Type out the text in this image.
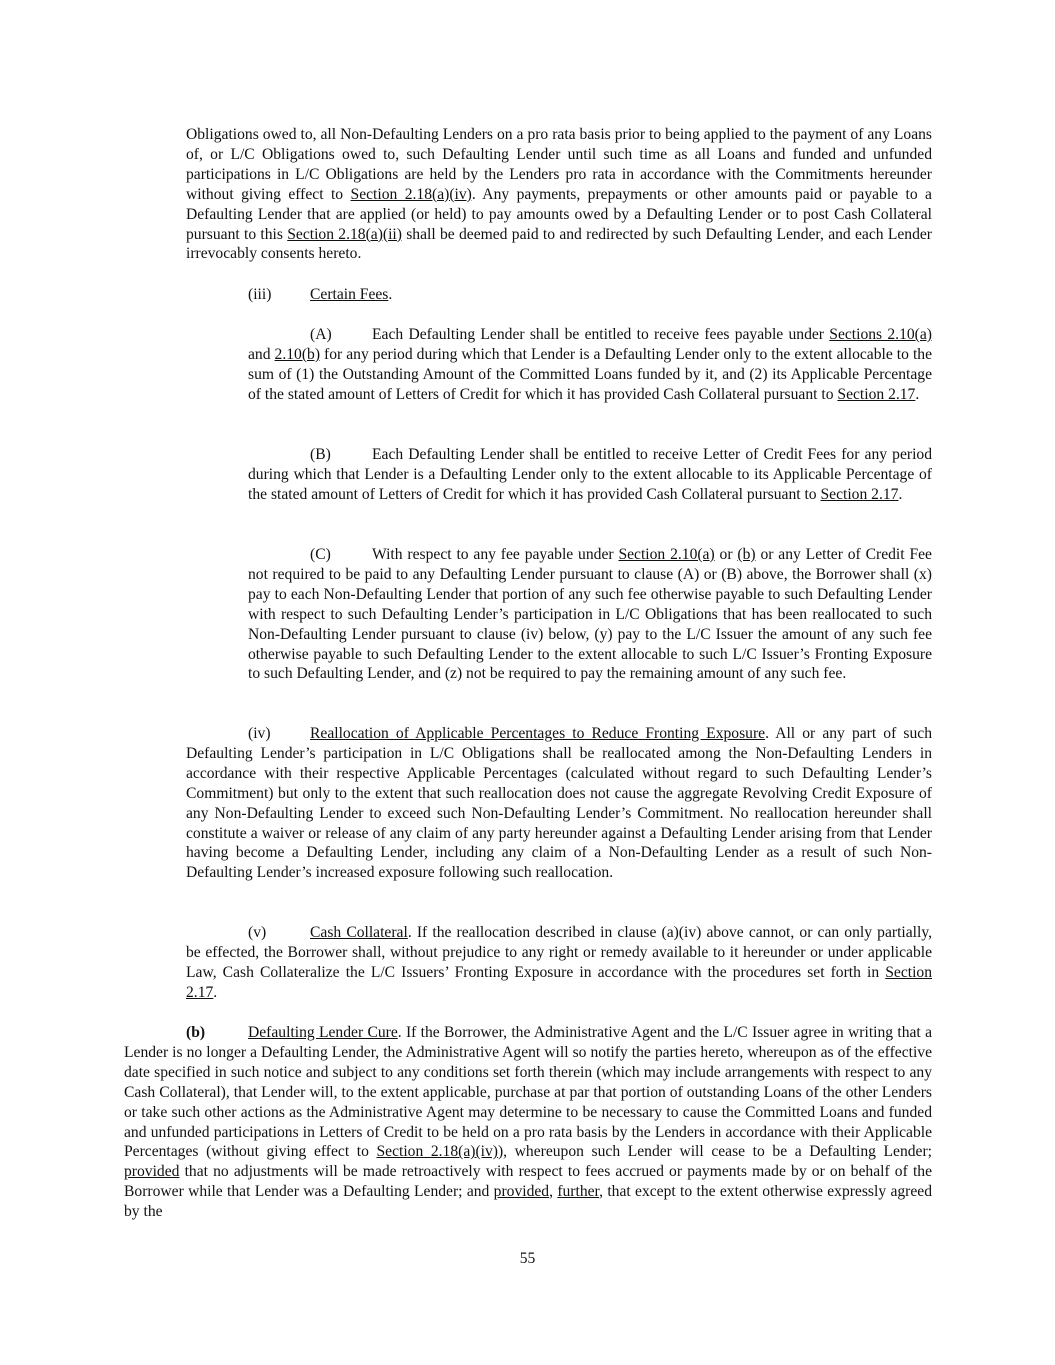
Obligations owed to, all Non-Defaulting Lenders on a pro rata basis prior to being applied to the payment of any Loans of, or L/C Obligations owed to, such Defaulting Lender until such time as all Loans and funded and unfunded participations in L/C Obligations are held by the Lenders pro rata in accordance with the Commitments hereunder without giving effect to Section 2.18(a)(iv). Any payments, prepayments or other amounts paid or payable to a Defaulting Lender that are applied (or held) to pay amounts owed by a Defaulting Lender or to post Cash Collateral pursuant to this Section 2.18(a)(ii) shall be deemed paid to and redirected by such Defaulting Lender, and each Lender irrevocably consents hereto.

(iii) Certain Fees.

(A)	Each Defaulting Lender shall be entitled to receive fees payable under Sections 2.10(a) and 2.10(b) for any period during which that Lender is a Defaulting Lender only to the extent allocable to the sum of (1) the Outstanding Amount of the Committed Loans funded by it, and (2) its Applicable Percentage of the stated amount of Letters of Credit for which it has provided Cash Collateral pursuant to Section 2.17.

(B)	Each Defaulting Lender shall be entitled to receive Letter of Credit Fees for any period during which that Lender is a Defaulting Lender only to the extent allocable to its Applicable Percentage of the stated amount of Letters of Credit for which it has provided Cash Collateral pursuant to Section 2.17.

(C)	With respect to any fee payable under Section 2.10(a) or (b) or any Letter of Credit Fee not required to be paid to any Defaulting Lender pursuant to clause (A) or (B) above, the Borrower shall (x) pay to each Non-Defaulting Lender that portion of any such fee otherwise payable to such Defaulting Lender with respect to such Defaulting Lender’s participation in L/C Obligations that has been reallocated to such Non-Defaulting Lender pursuant to clause (iv) below, (y) pay to the L/C Issuer the amount of any such fee otherwise payable to such Defaulting Lender to the extent allocable to such L/C Issuer’s Fronting Exposure to such Defaulting Lender, and (z) not be required to pay the remaining amount of any such fee.

(iv)	Reallocation of Applicable Percentages to Reduce Fronting Exposure. All or any part of such Defaulting Lender’s participation in L/C Obligations shall be reallocated among the Non-Defaulting Lenders in accordance with their respective Applicable Percentages (calculated without regard to such Defaulting Lender’s Commitment) but only to the extent that such reallocation does not cause the aggregate Revolving Credit Exposure of any Non-Defaulting Lender to exceed such Non-Defaulting Lender’s Commitment. No reallocation hereunder shall constitute a waiver or release of any claim of any party hereunder against a Defaulting Lender arising from that Lender having become a Defaulting Lender, including any claim of a Non-Defaulting Lender as a result of such Non-Defaulting Lender’s increased exposure following such reallocation.

(v)	Cash Collateral. If the reallocation described in clause (a)(iv) above cannot, or can only partially, be effected, the Borrower shall, without prejudice to any right or remedy available to it hereunder or under applicable Law, Cash Collateralize the L/C Issuers’ Fronting Exposure in accordance with the procedures set forth in Section 2.17.

(b)	Defaulting Lender Cure. If the Borrower, the Administrative Agent and the L/C Issuer agree in writing that a Lender is no longer a Defaulting Lender, the Administrative Agent will so notify the parties hereto, whereupon as of the effective date specified in such notice and subject to any conditions set forth therein (which may include arrangements with respect to any Cash Collateral), that Lender will, to the extent applicable, purchase at par that portion of outstanding Loans of the other Lenders or take such other actions as the Administrative Agent may determine to be necessary to cause the Committed Loans and funded and unfunded participations in Letters of Credit to be held on a pro rata basis by the Lenders in accordance with their Applicable Percentages (without giving effect to Section 2.18(a)(iv)), whereupon such Lender will cease to be a Defaulting Lender; provided that no adjustments will be made retroactively with respect to fees accrued or payments made by or on behalf of the Borrower while that Lender was a Defaulting Lender; and provided, further, that except to the extent otherwise expressly agreed by the

55
